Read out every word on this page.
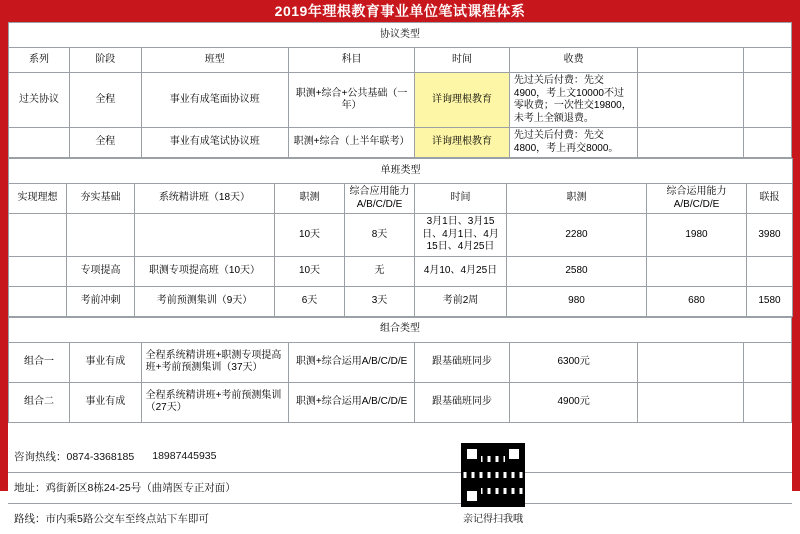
2019年理根教育事业单位笔试课程体系
协议类型							
系列	阶段	班型	科目	时间	收费		
过关协议	全程	事业有成笔面协议班	职测+综合+公共基础（一年）	详询理根教育	先过关后付费：先交4900，考上文10000不过零收费；一次性交19800，未考上全额退费。		
	全程	事业有成笔试协议班	职测+综合（上半年联考）	详询理根教育	先过关后付费：先交4800，考上再交8000。		
单班类型								
实现理想	夯实基础	系统精讲班（18天）	职测	综合应用能力A/B/C/D/E	时间	职测	综合运用能力A/B/C/D/E	联报
			10天	8天	3月1日、3月15日、4月1日、4月15日、4月25日	2280	1980	3980
	专项提高	职测专项提高班（10天）	10天	无	4月10、4月25日	2580		
	考前冲刺	考前预测集训（9天）	6天	3天	考前2周	980	680	1580
组合类型							
组合一	事业有成	全程系统精讲班+职测专项提高班+考前预测集训（37天）	职测+综合运用A/B/C/D/E	跟基础班同步	6300元		
组合二	事业有成	全程系统精讲班+考前预测集训（27天）	职测+综合运用A/B/C/D/E	跟基础班同步	4900元		
咨询热线：0874-3368185 18987445935
地址：鸡街新区8栋24-25号（曲靖医专正对面）
路线：市内乘5路公交车至终点站下车即可	亲记得扫我哦
